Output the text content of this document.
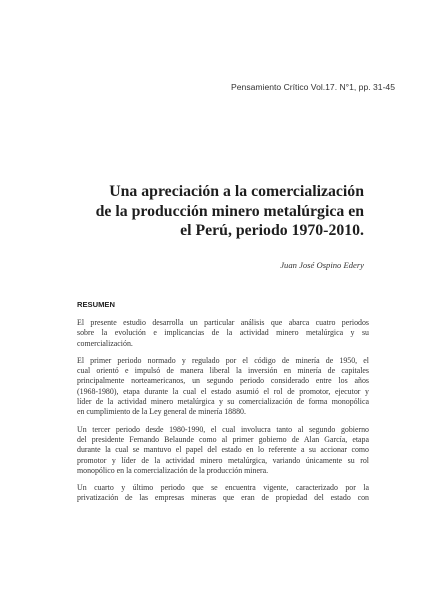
Pensamiento Crítico Vol.17. N°1, pp. 31-45
Una apreciación a la comercialización
de la producción minero metalúrgica en
el Perú, periodo 1970-2010.
Juan José Ospino Edery
RESUMEN

El presente estudio desarrolla un particular análisis que abarca cuatro periodos
sobre la evolución e implicancias de la actividad minero metalúrgica y su
comercialización.

El primer periodo normado y regulado por el código de minería de 1950, el
cual orientó e impulsó de manera liberal la inversión en minería de capitales
principalmente norteamericanos, un segundo periodo considerado entre los años
(1968-1980), etapa durante la cual el estado asumió el rol de promotor, ejecutor y
líder de la actividad minero metalúrgica y su comercialización de forma monopólica
en cumplimiento de la Ley general de minería 18880.

Un tercer periodo desde 1980-1990, el cual involucra tanto al segundo gobierno
del presidente Fernando Belaunde como al primer gobierno de Alan García, etapa
durante la cual se mantuvo el papel del estado en lo referente a su accionar como
promotor y líder de la actividad minero metalúrgica, variando únicamente su rol
monopólico en la comercialización de la producción minera.

Un cuarto y último periodo que se encuentra vigente, caracterizado por la
privatización de las empresas mineras que eran de propiedad del estado con
